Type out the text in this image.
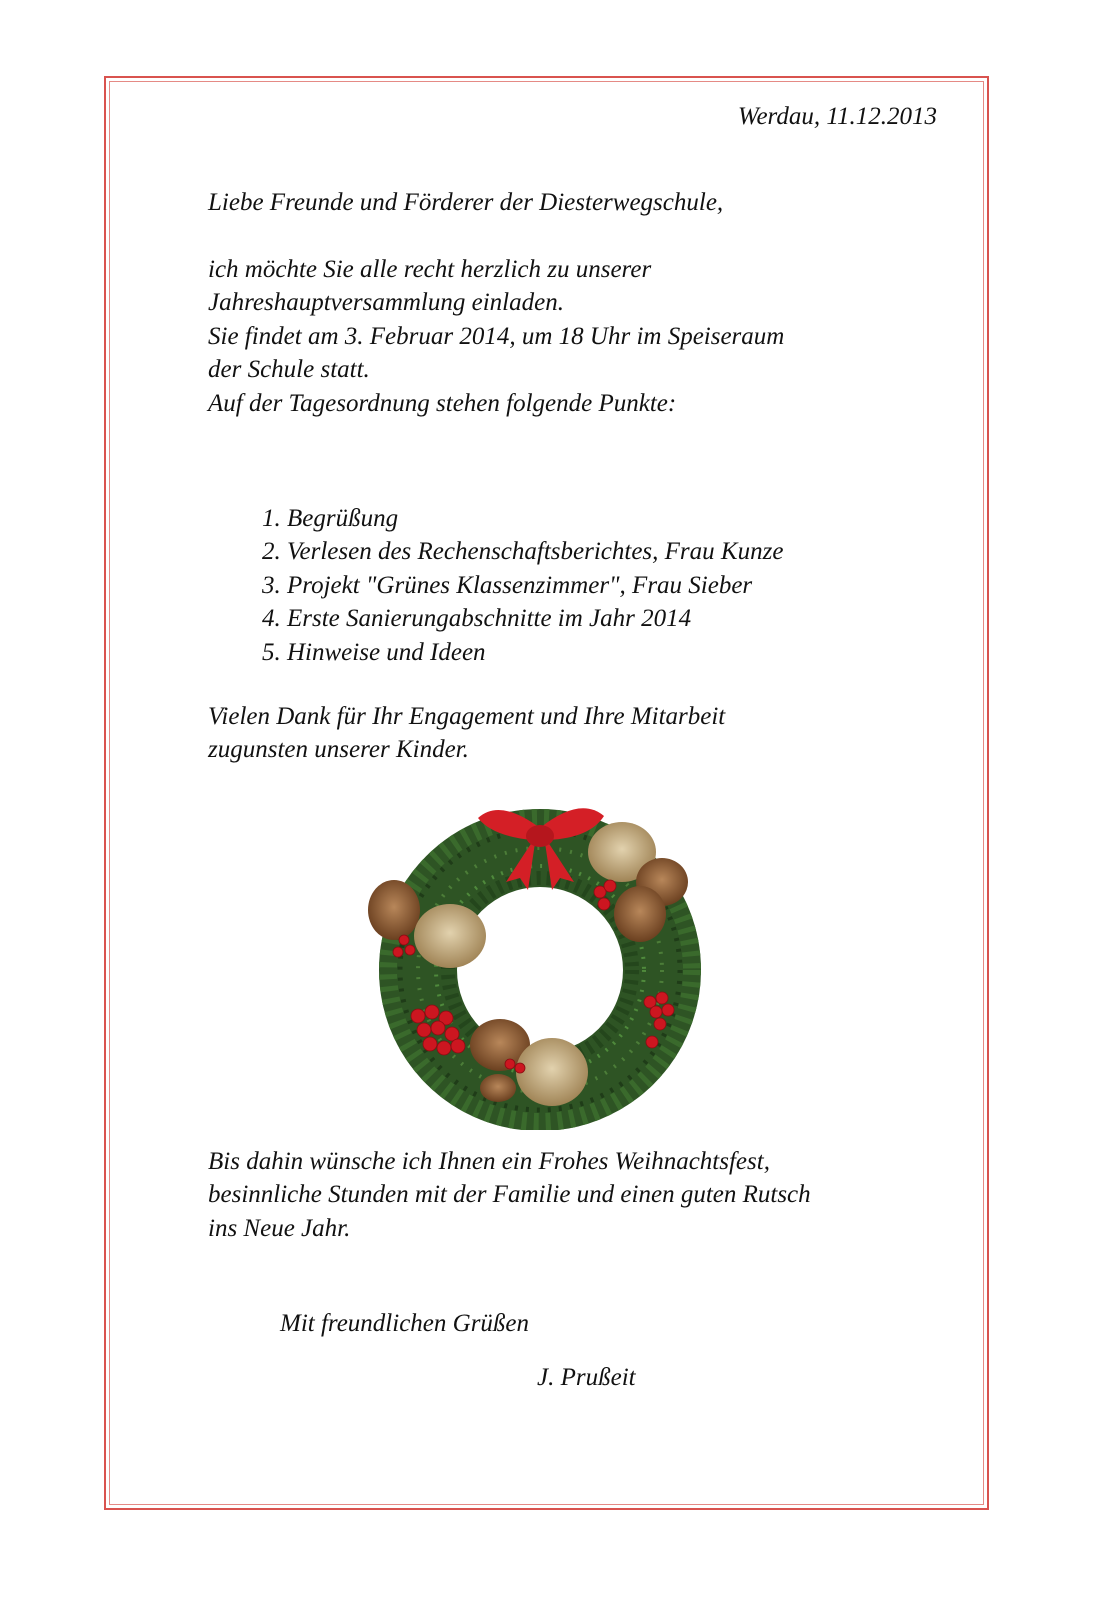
Werdau, 11.12.2013

Liebe Freunde und Förderer der Diesterwegschule,

ich möchte Sie alle recht herzlich zu unserer
Jahreshauptversammlung einladen.
Sie findet am 3. Februar 2014, um 18 Uhr im Speiseraum
der Schule statt.
Auf der Tagesordnung stehen folgende Punkte:
1. Begrüßung
2. Verlesen des Rechenschaftsberichtes, Frau Kunze
3. Projekt "Grünes Klassenzimmer", Frau Sieber
4. Erste Sanierungabschnitte im Jahr 2014
5. Hinweise und Ideen
Vielen Dank für Ihr Engagement und Ihre Mitarbeit
zugunsten unserer Kinder.
Bis dahin wünsche ich Ihnen ein Frohes Weihnachtsfest,
besinnliche Stunden mit der Familie und einen guten Rutsch
ins Neue Jahr.

Mit freundlichen Grüßen

J. Prußeit
